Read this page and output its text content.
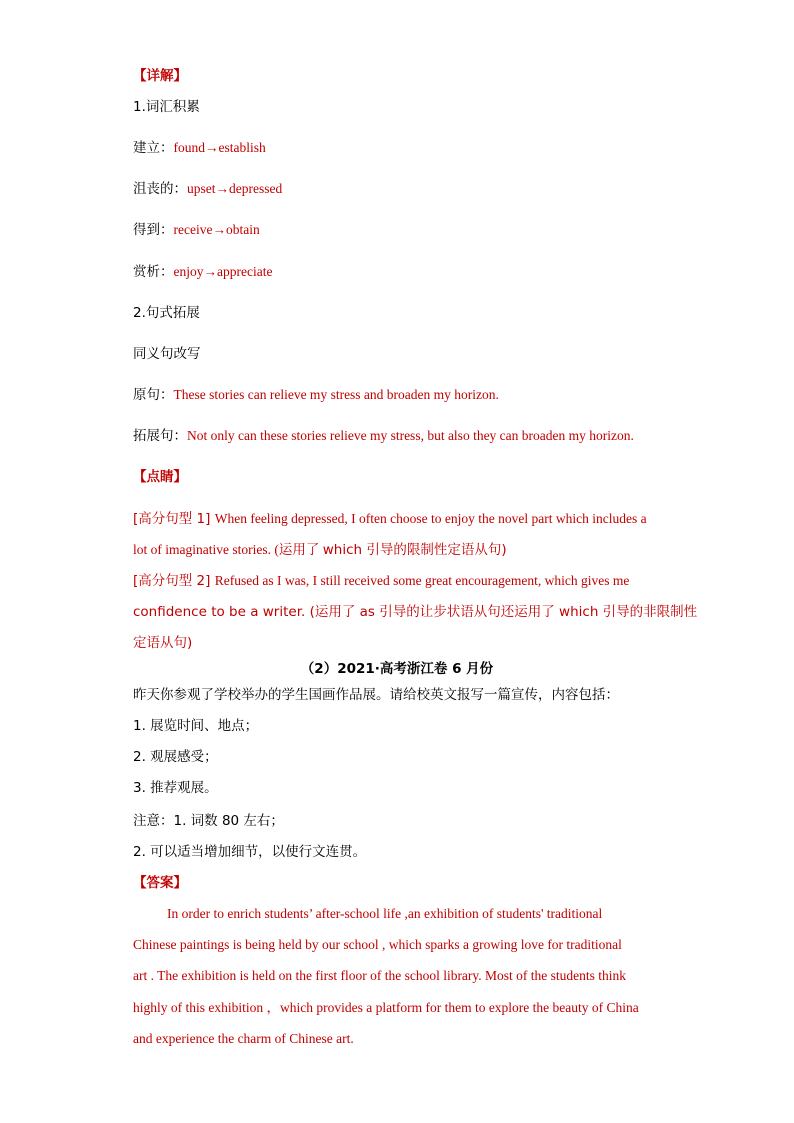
【详解】
1.词汇积累
建立：found→establish
沮丧的：upset→depressed
得到：receive→obtain
赏析：enjoy→appreciate
2.句式拓展
同义句改写
原句：These stories can relieve my stress and broaden my horizon.
拓展句：Not only can these stories relieve my stress, but also they can broaden my horizon.
【点睛】
[高分句型 1] When feeling depressed, I often choose to enjoy the novel part which includes a
lot of imaginative stories. (运用了 which 引导的限制性定语从句)
[高分句型 2] Refused as I was, I still received some great encouragement, which gives me
confidence to be a writer. (运用了 as 引导的让步状语从句还运用了 which 引导的非限制性
定语从句)
（2）2021·高考浙江卷 6 月份
昨天你参观了学校举办的学生国画作品展。请给校英文报写一篇宣传，内容包括：
1. 展览时间、地点；
2. 观展感受；
3. 推荐观展。
注意：1. 词数 80 左右；
2. 可以适当增加细节，以使行文连贯。
【答案】
In order to enrich students’ after-school life ,an exhibition of students' traditional
Chinese paintings is being held by our school , which sparks a growing love for traditional
art . The exhibition is held on the first floor of the school library. Most of the students think
highly of this exhibition ，which provides a platform for them to explore the beauty of China
and experience the charm of Chinese art.
